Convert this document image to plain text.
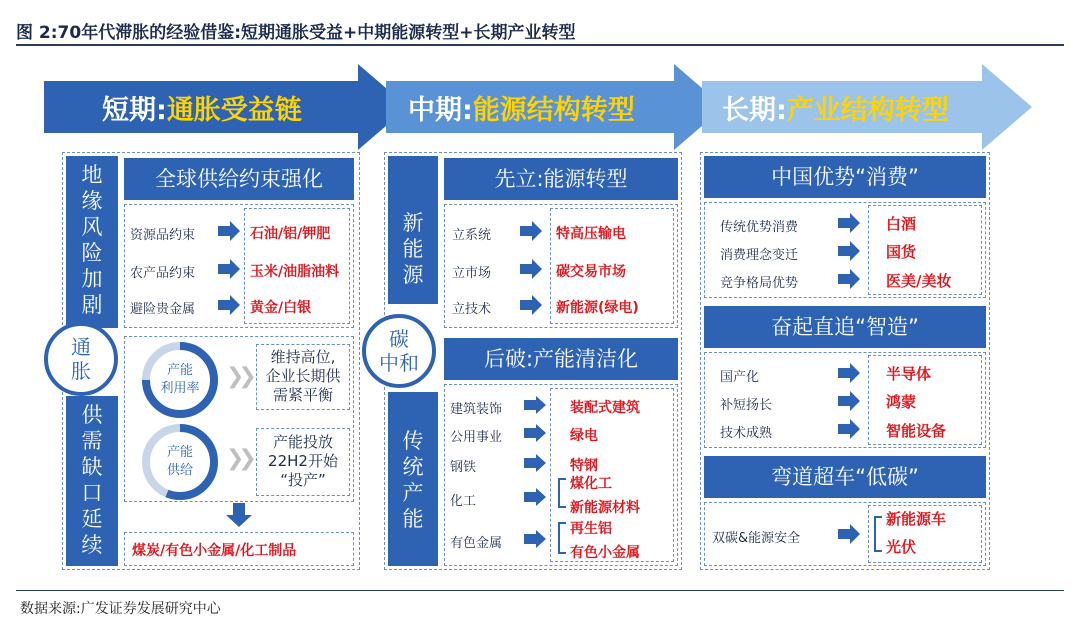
图 2:70年代滞胀的经验借鉴:短期通胀受益+中期能源转型+长期产业转型
短期:通胀受益链	中期:能源结构转型	长期:产业结构转型
地
缘
风
险
加
剧
供
需
缺
口
延
续
通
胀
全球供给约束强化
资源品约束
农产品约束
避险贵金属
石油/铝/钾肥
玉米/油脂油料
黄金/白银
产能
利用率 ❯❯
维持高位,
企业长期供
需紧平衡
产能
供给 ❯❯
产能投放
22H2开始
“投产”
煤炭/有色小金属/化工制品
新
能
源
传
统
产
能
碳
中和
先立:能源转型
立系统
立市场
立技术
特高压输电
碳交易市场
新能源(绿电)
后破:产能清洁化
建筑装饰
公用事业
钢铁
化工
有色金属
装配式建筑
绿电
特钢
煤化工
新能源材料
再生铝
有色小金属
中国优势“消费”
传统优势消费
消费理念变迁
竞争格局优势
白酒
国货
医美/美妆
奋起直追“智造”
国产化
补短扬长
技术成熟
半导体
鸿蒙
智能设备
弯道超车“低碳”
双碳&能源安全
新能源车
光伏
数据来源:广发证券发展研究中心
